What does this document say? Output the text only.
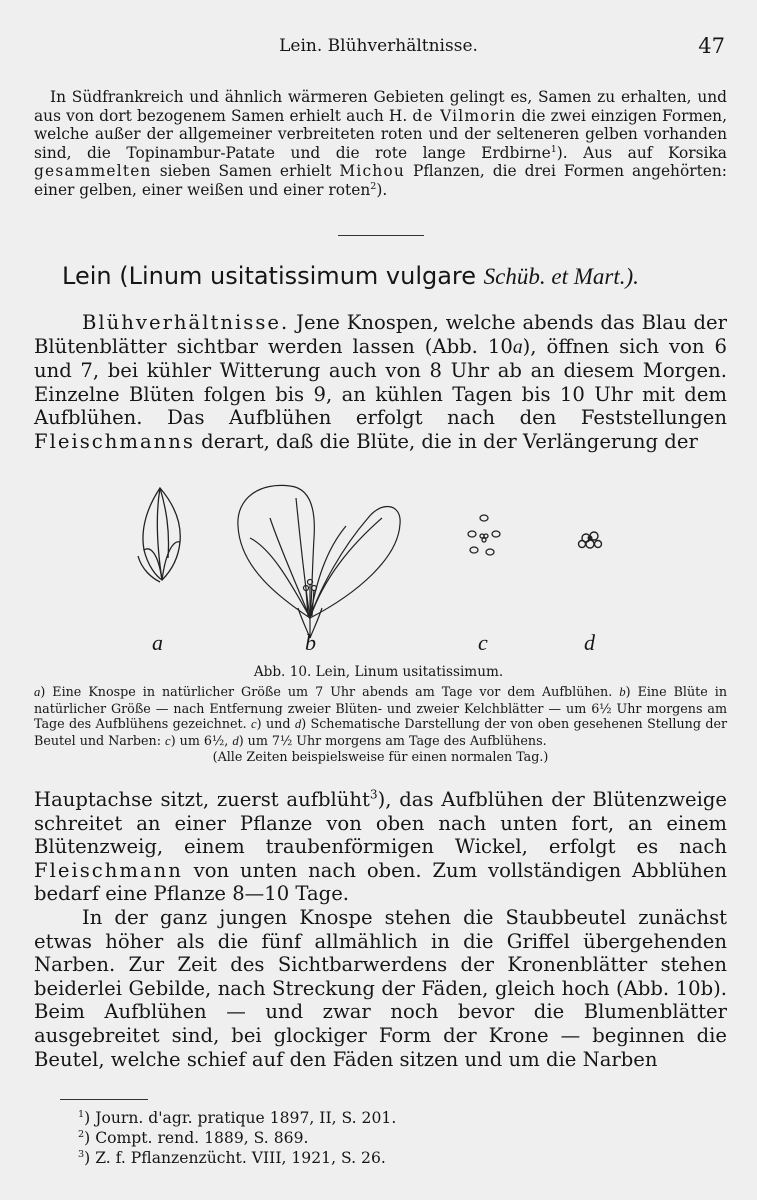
Lein. Blühverhältnisse.	47
In Südfrankreich und ähnlich wärmeren Gebieten gelingt es, Samen zu erhalten, und aus von dort bezogenem Samen erhielt auch H. de Vilmorin die zwei einzigen Formen, welche außer der allgemeiner verbreiteten roten und der selteneren gelben vorhanden sind, die Topinambur-Patate und die rote lange Erdbirne$^1$). Aus auf Korsika gesammelten sieben Samen erhielt Michou Pflanzen, die drei Formen angehörten: einer gelben, einer weißen und einer roten$^2$).
Lein (Linum usitatissimum vulgare Schüb. et Mart.).
Blühverhältnisse. Jene Knospen, welche abends das Blau der Blütenblätter sichtbar werden lassen (Abb. 10a), öffnen sich von 6 und 7, bei kühler Witterung auch von 8 Uhr ab an diesem Morgen. Einzelne Blüten folgen bis 9, an kühlen Tagen bis 10 Uhr mit dem Aufblühen. Das Aufblühen erfolgt nach den Feststellungen Fleischmanns derart, daß die Blüte, die in der Verlängerung der
a	b	c	d
Abb. 10. Lein, Linum usitatissimum.
a) Eine Knospe in natürlicher Größe um 7 Uhr abends am Tage vor dem Aufblühen. b) Eine Blüte in natürlicher Größe — nach Entfernung zweier Blüten- und zweier Kelchblätter — um 6½ Uhr morgens am Tage des Aufblühens gezeichnet. c) und d) Schematische Darstellung der von oben gesehenen Stellung der Beutel und Narben: c) um 6½, d) um 7½ Uhr morgens am Tage des Aufblühens.
(Alle Zeiten beispielsweise für einen normalen Tag.)
Hauptachse sitzt, zuerst aufblüht$^3$), das Aufblühen der Blütenzweige schreitet an einer Pflanze von oben nach unten fort, an einem Blütenzweig, einem traubenförmigen Wickel, erfolgt es nach Fleischmann von unten nach oben. Zum vollständigen Abblühen bedarf eine Pflanze 8—10 Tage.
In der ganz jungen Knospe stehen die Staubbeutel zunächst etwas höher als die fünf allmählich in die Griffel übergehenden Narben. Zur Zeit des Sichtbarwerdens der Kronenblätter stehen beiderlei Gebilde, nach Streckung der Fäden, gleich hoch (Abb. 10b). Beim Aufblühen — und zwar noch bevor die Blumenblätter ausgebreitet sind, bei glockiger Form der Krone — beginnen die Beutel, welche schief auf den Fäden sitzen und um die Narben
$^1$) Journ. d'agr. pratique 1897, II, S. 201.
$^2$) Compt. rend. 1889, S. 869.
$^3$) Z. f. Pflanzenzücht. VIII, 1921, S. 26.
